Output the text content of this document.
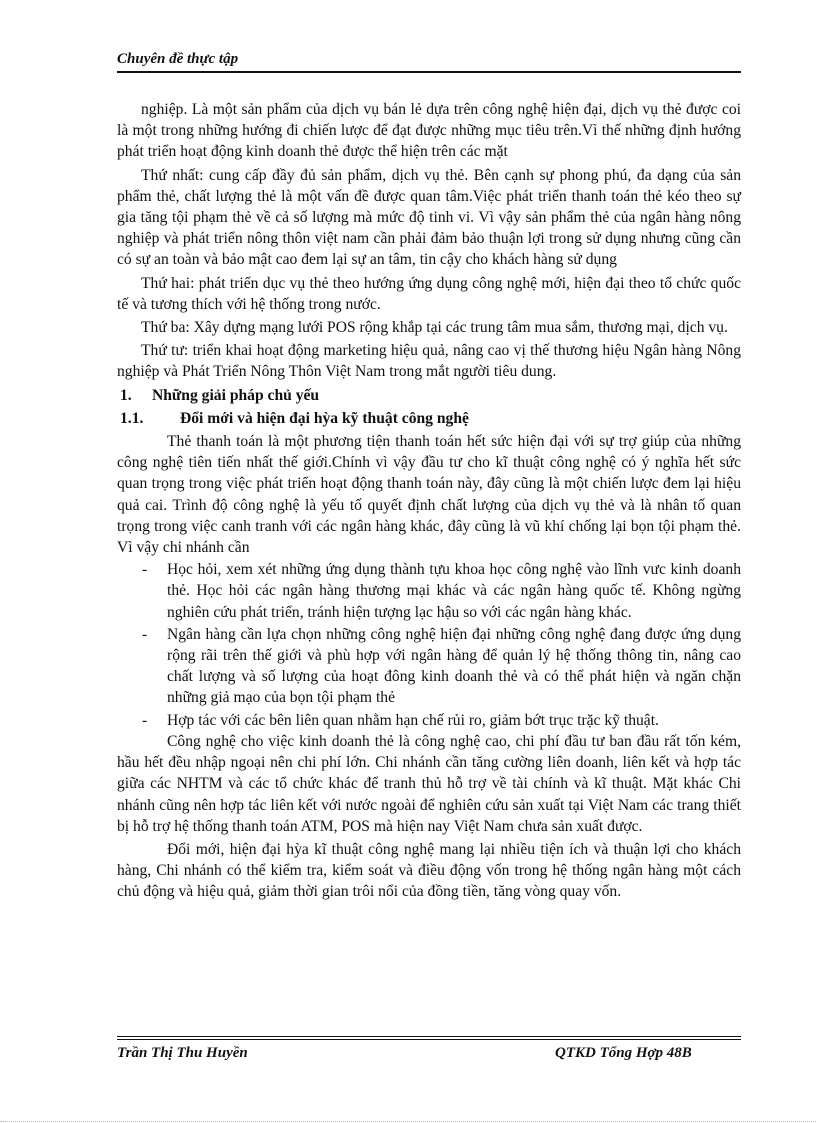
Chuyên đề thực tập

nghiệp. Là một sản phẩm của dịch vụ bán lẻ dựa trên công nghệ hiện đại, dịch vụ thẻ được coi là một trong những hướng đi chiến lược để đạt được những mục tiêu trên.Vì thế những định hướng phát triển hoạt động kinh doanh thẻ được thể hiện trên các mặt

Thứ nhất: cung cấp đầy đủ sản phẩm, dịch vụ thẻ. Bên cạnh sự phong phú, đa dạng của sản phẩm thẻ, chất lượng thẻ là một vấn đề được quan tâm.Việc phát triển thanh toán thẻ kéo theo sự gia tăng tội phạm thẻ về cả số lượng mà mức độ tinh vi. Vì vậy sản phẩm thẻ của ngân hàng nông nghiệp và phát triển nông thôn việt nam cần phải đảm bảo thuận lợi trong sử dụng nhưng cũng cần có sự an toàn và bảo mật cao đem lại sự an tâm, tin cậy cho khách hàng sử dụng

Thứ hai: phát triển dục vụ thẻ theo hướng ứng dụng công nghệ mới, hiện đại theo tổ chức quốc tế và tương thích với hệ thống trong nước.

Thứ ba: Xây dựng mạng lưới POS rộng khắp tại các trung tâm mua sắm, thương mại, dịch vụ.

Thứ tư: triển khai hoạt động marketing hiệu quả, nâng cao vị thế thương hiệu Ngân hàng Nông nghiệp và Phát Triển Nông Thôn Việt Nam trong mắt người tiêu dung.

1. Những giải pháp chủ yếu
1.1. Đổi mới và hiện đại hỳa kỹ thuật công nghệ

Thẻ thanh toán là một phương tiện thanh toán hết sức hiện đại với sự trợ giúp của những công nghệ tiên tiến nhất thế giới.Chính vì vậy đầu tư cho kĩ thuật công nghệ có ý nghĩa hết sức quan trọng trong việc phát triển hoạt động thanh toán này, đây cũng là một chiến lược đem lại hiệu quả cai. Trình độ công nghệ là yếu tố quyết định chất lượng của dịch vụ thẻ và là nhân tố quan trọng trong việc canh tranh với các ngân hàng khác, đây cũng là vũ khí chống lại bọn tội phạm thẻ. Vì vậy chi nhánh cần

- Học hỏi, xem xét những ứng dụng thành tựu khoa học công nghệ vào lĩnh vưc kinh doanh thẻ. Học hỏi các ngân hàng thương mại khác và các ngân hàng quốc tế. Không ngừng nghiên cứu phát triển, tránh hiện tượng lạc hậu so với các ngân hàng khác.
- Ngân hàng cần lựa chọn những công nghệ hiện đại những công nghệ đang được ứng dụng rộng rãi trên thế giới và phù hợp với ngân hàng để quản lý hệ thống thông tin, nâng cao chất lượng và số lượng của hoạt đông kinh doanh thẻ và có thể phát hiện và ngăn chặn những giả mạo của bọn tội phạm thẻ
- Hợp tác với các bên liên quan nhằm hạn chế rủi ro, giảm bớt trục trặc kỹ thuật.

Công nghệ cho việc kinh doanh thẻ là công nghệ cao, chi phí đầu tư ban đầu rất tốn kém, hầu hết đều nhập ngoại nên chi phí lớn. Chi nhánh cần tăng cường liên doanh, liên kết và hợp tác giữa các NHTM và các tổ chức khác để tranh thủ hỗ trợ về tài chính và kĩ thuật. Mặt khác Chi nhánh cũng nên hợp tác liên kết với nước ngoài để nghiên cứu sản xuất tại Việt Nam các trang thiết bị hỗ trợ hệ thống thanh toán ATM, POS mà hiện nay Việt Nam chưa sản xuất được.

Đổi mới, hiện đại hỳa kĩ thuật công nghệ mang lại nhiều tiện ích và thuận lợi cho khách hàng, Chi nhánh có thể kiểm tra, kiểm soát và điều động vốn trong hệ thống ngân hàng một cách chủ động và hiệu quả, giảm thời gian trôi nổi của đồng tiền, tăng vòng quay vốn.

Trần Thị Thu Huyền	QTKD Tổng Hợp 48B
